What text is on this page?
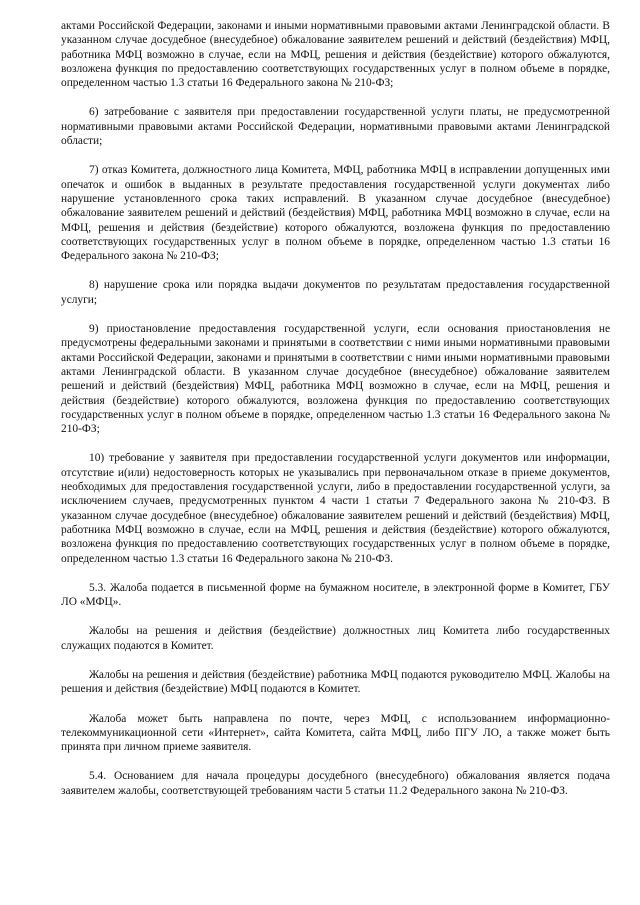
актами Российской Федерации, законами и иными нормативными правовыми актами Ленинградской области. В указанном случае досудебное (внесудебное) обжалование заявителем решений и действий (бездействия) МФЦ, работника МФЦ возможно в случае, если на МФЦ, решения и действия (бездействие) которого обжалуются, возложена функция по предоставлению соответствующих государственных услуг в полном объеме в порядке, определенном частью 1.3 статьи 16 Федерального закона № 210-ФЗ;

6) затребование с заявителя при предоставлении государственной услуги платы, не предусмотренной нормативными правовыми актами Российской Федерации, нормативными правовыми актами Ленинградской области;

7) отказ Комитета, должностного лица Комитета, МФЦ, работника МФЦ в исправлении допущенных ими опечаток и ошибок в выданных в результате предоставления государственной услуги документах либо нарушение установленного срока таких исправлений. В указанном случае досудебное (внесудебное) обжалование заявителем решений и действий (бездействия) МФЦ, работника МФЦ возможно в случае, если на МФЦ, решения и действия (бездействие) которого обжалуются, возложена функция по предоставлению соответствующих государственных услуг в полном объеме в порядке, определенном частью 1.3 статьи 16 Федерального закона № 210-ФЗ;

8) нарушение срока или порядка выдачи документов по результатам предоставления государственной услуги;

9) приостановление предоставления государственной услуги, если основания приостановления не предусмотрены федеральными законами и принятыми в соответствии с ними иными нормативными правовыми актами Российской Федерации, законами и принятыми в соответствии с ними иными нормативными правовыми актами Ленинградской области. В указанном случае досудебное (внесудебное) обжалование заявителем решений и действий (бездействия) МФЦ, работника МФЦ возможно в случае, если на МФЦ, решения и действия (бездействие) которого обжалуются, возложена функция по предоставлению соответствующих государственных услуг в полном объеме в порядке, определенном частью 1.3 статьи 16 Федерального закона № 210-ФЗ;

10) требование у заявителя при предоставлении государственной услуги документов или информации, отсутствие и(или) недостоверность которых не указывались при первоначальном отказе в приеме документов, необходимых для предоставления государственной услуги, либо в предоставлении государственной услуги, за исключением случаев, предусмотренных пунктом 4 части 1 статьи 7 Федерального закона № 210-ФЗ. В указанном случае досудебное (внесудебное) обжалование заявителем решений и действий (бездействия) МФЦ, работника МФЦ возможно в случае, если на МФЦ, решения и действия (бездействие) которого обжалуются, возложена функция по предоставлению соответствующих государственных услуг в полном объеме в порядке, определенном частью 1.3 статьи 16 Федерального закона № 210-ФЗ.

5.3. Жалоба подается в письменной форме на бумажном носителе, в электронной форме в Комитет, ГБУ ЛО «МФЦ».

Жалобы на решения и действия (бездействие) должностных лиц Комитета либо государственных служащих подаются в Комитет.

Жалобы на решения и действия (бездействие) работника МФЦ подаются руководителю МФЦ. Жалобы на решения и действия (бездействие) МФЦ подаются в Комитет.

Жалоба может быть направлена по почте, через МФЦ, с использованием информационно-телекоммуникационной сети «Интернет», сайта Комитета, сайта МФЦ, либо ПГУ ЛО, а также может быть принята при личном приеме заявителя.

5.4. Основанием для начала процедуры досудебного (внесудебного) обжалования является подача заявителем жалобы, соответствующей требованиям части 5 статьи 11.2 Федерального закона № 210-ФЗ.
